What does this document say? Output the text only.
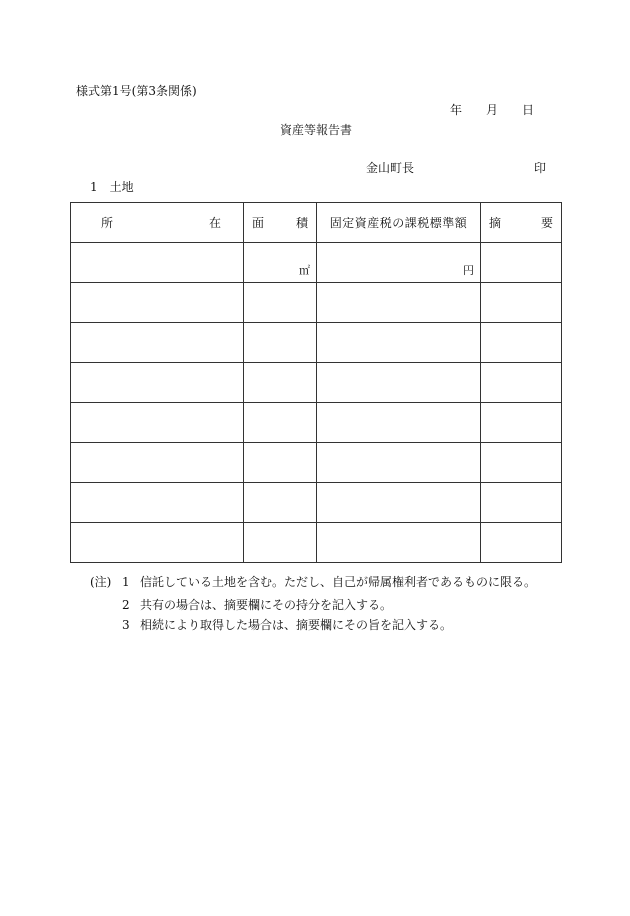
様式第1号(第3条関係)
年 月 日
資産等報告書
金山町長	印
1　土地
所 在	面 積	固定資産税の課税標準額	摘 要

	㎡	円	

(注) 1 信託している土地を含む。ただし、自己が帰属権利者であるものに限る。
2 共有の場合は、摘要欄にその持分を記入する。
3 相続により取得した場合は、摘要欄にその旨を記入する。
